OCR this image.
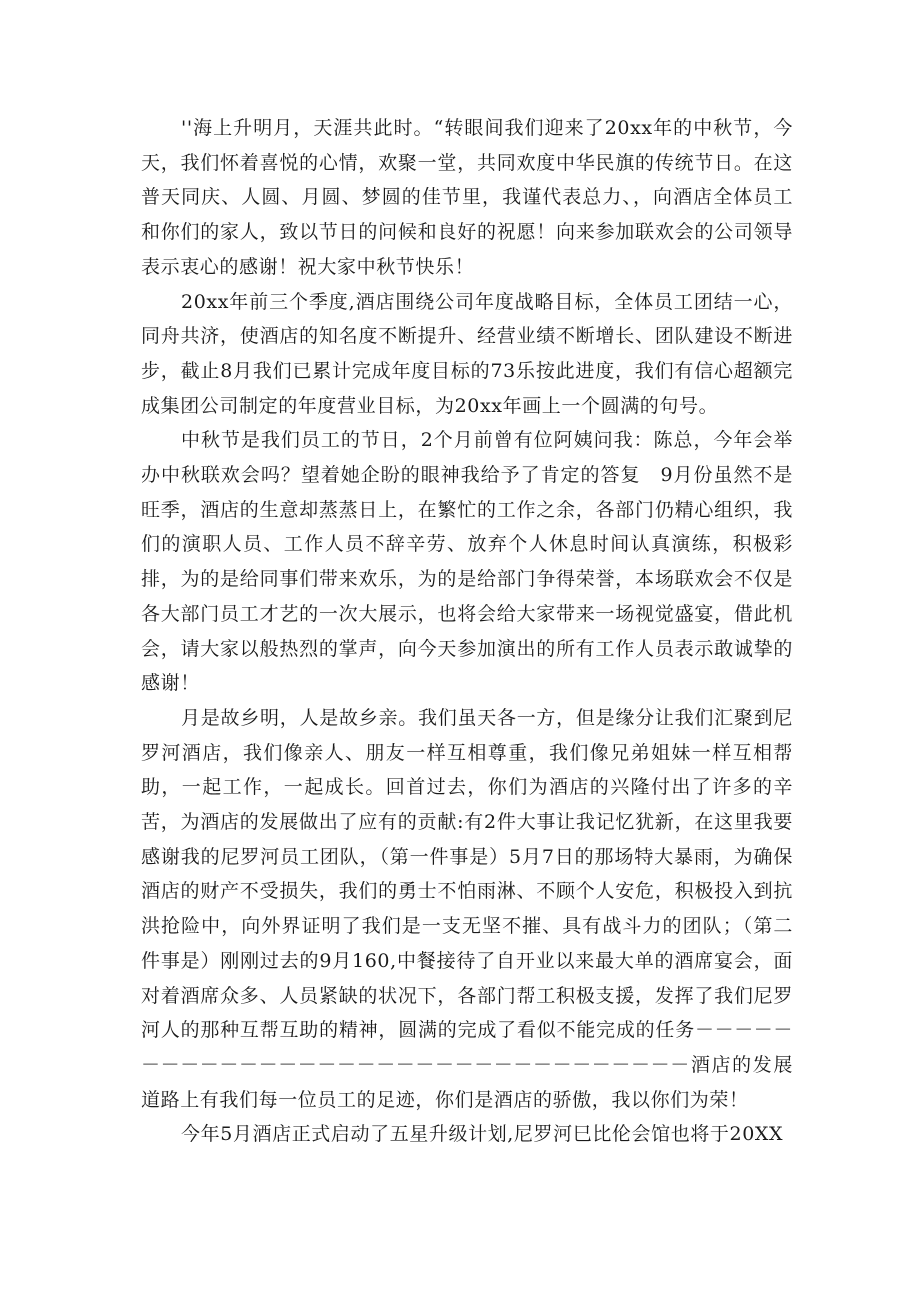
''海上升明月，天涯共此时。“转眼间我们迎来了20xx年的中秋节，今天，我们怀着喜悦的心情，欢聚一堂，共同欢度中华民旗的传统节日。在这普天同庆、人圆、月圆、梦圆的佳节里，我谨代表总力、，向酒店全体员工和你们的家人，致以节日的问候和良好的祝愿！向来参加联欢会的公司领导表示衷心的感谢！祝大家中秋节快乐！

20xx年前三个季度,酒店围绕公司年度战略目标，全体员工团结一心，同舟共济，使酒店的知名度不断提升、经营业绩不断增长、团队建设不断进步，截止8月我们已累计完成年度目标的73乐按此进度，我们有信心超额完成集团公司制定的年度营业目标，为20xx年画上一个圆满的句号。

中秋节是我们员工的节日，2个月前曾有位阿姨问我：陈总，今年会举办中秋联欢会吗？望着她企盼的眼神我给予了肯定的答复　9月份虽然不是旺季，酒店的生意却蒸蒸日上，在繁忙的工作之余，各部门仍精心组织，我们的演职人员、工作人员不辞辛劳、放弃个人休息时间认真演练，积极彩排，为的是给同事们带来欢乐，为的是给部门争得荣誉，本场联欢会不仅是各大部门员工才艺的一次大展示，也将会给大家带来一场视觉盛宴，借此机会，请大家以般热烈的掌声，向今天参加演出的所有工作人员表示敢诚挚的感谢！

月是故乡明，人是故乡亲。我们虽天各一方，但是缘分让我们汇聚到尼罗河酒店，我们像亲人、朋友一样互相尊重，我们像兄弟姐妹一样互相帮助，一起工作，一起成长。回首过去，你们为酒店的兴隆付出了许多的辛苦，为酒店的发展做出了应有的贡献:有2件大事让我记忆犹新，在这里我要感谢我的尼罗河员工团队，（第一件事是）5月7日的那场特大暴雨，为确保酒店的财产不受损失，我们的勇士不怕雨淋、不顾个人安危，积极投入到抗洪抢险中，向外界证明了我们是一支无坚不摧、具有战斗力的团队；（第二件事是）刚刚过去的9月160,中餐接待了自开业以来最大单的酒席宴会，面对着酒席众多、人员紧缺的状况下，各部门帮工积极支援，发挥了我们尼罗河人的那种互帮互助的精神，圆满的完成了看似不能完成的任务－－－－－－－－－－－－－－－－－－－－－－－－－－－－－－－－－酒店的发展道路上有我们每一位员工的足迹，你们是酒店的骄傲，我以你们为荣！

今年5月酒店正式启动了五星升级计划,尼罗河巳比伦会馆也将于20XX
